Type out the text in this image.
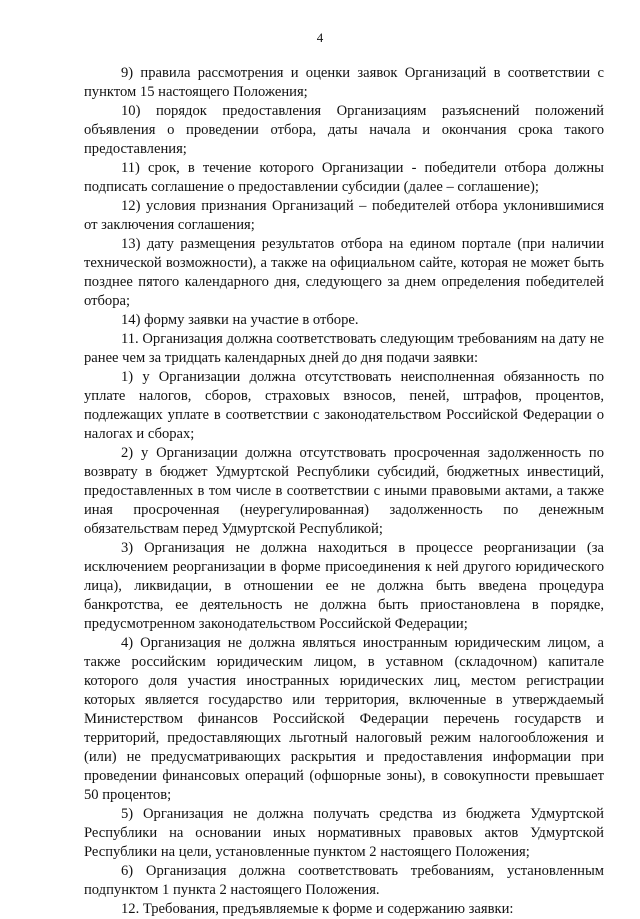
4

9) правила рассмотрения и оценки заявок Организаций в соответствии с пунктом 15 настоящего Положения;

10) порядок предоставления Организациям разъяснений положений объявления о проведении отбора, даты начала и окончания срока такого предоставления;

11) срок, в течение которого Организации - победители отбора должны подписать соглашение о предоставлении субсидии (далее – соглашение);

12) условия признания Организаций – победителей отбора уклонившимися от заключения соглашения;

13) дату размещения результатов отбора на едином портале (при наличии технической возможности), а также на официальном сайте, которая не может быть позднее пятого календарного дня, следующего за днем определения победителей отбора;

14) форму заявки на участие в отборе.

11. Организация должна соответствовать следующим требованиям на дату не ранее чем за тридцать календарных дней до дня подачи заявки:

1) у Организации должна отсутствовать неисполненная обязанность по уплате налогов, сборов, страховых взносов, пеней, штрафов, процентов, подлежащих уплате в соответствии с законодательством Российской Федерации о налогах и сборах;

2) у Организации должна отсутствовать просроченная задолженность по возврату в бюджет Удмуртской Республики субсидий, бюджетных инвестиций, предоставленных в том числе в соответствии с иными правовыми актами, а также иная просроченная (неурегулированная) задолженность по денежным обязательствам перед Удмуртской Республикой;

3) Организация не должна находиться в процессе реорганизации (за исключением реорганизации в форме присоединения к ней другого юридического лица), ликвидации, в отношении ее не должна быть введена процедура банкротства, ее деятельность не должна быть приостановлена в порядке, предусмотренном законодательством Российской Федерации;

4) Организация не должна являться иностранным юридическим лицом, а также российским юридическим лицом, в уставном (складочном) капитале которого доля участия иностранных юридических лиц, местом регистрации которых является государство или территория, включенные в утверждаемый Министерством финансов Российской Федерации перечень государств и территорий, предоставляющих льготный налоговый режим налогообложения и (или) не предусматривающих раскрытия и предоставления информации при проведении финансовых операций (офшорные зоны), в совокупности превышает 50 процентов;

5) Организация не должна получать средства из бюджета Удмуртской Республики на основании иных нормативных правовых актов Удмуртской Республики на цели, установленные пунктом 2 настоящего Положения;

6) Организация должна соответствовать требованиям, установленным подпунктом 1 пункта 2 настоящего Положения.

12. Требования, предъявляемые к форме и содержанию заявки:
